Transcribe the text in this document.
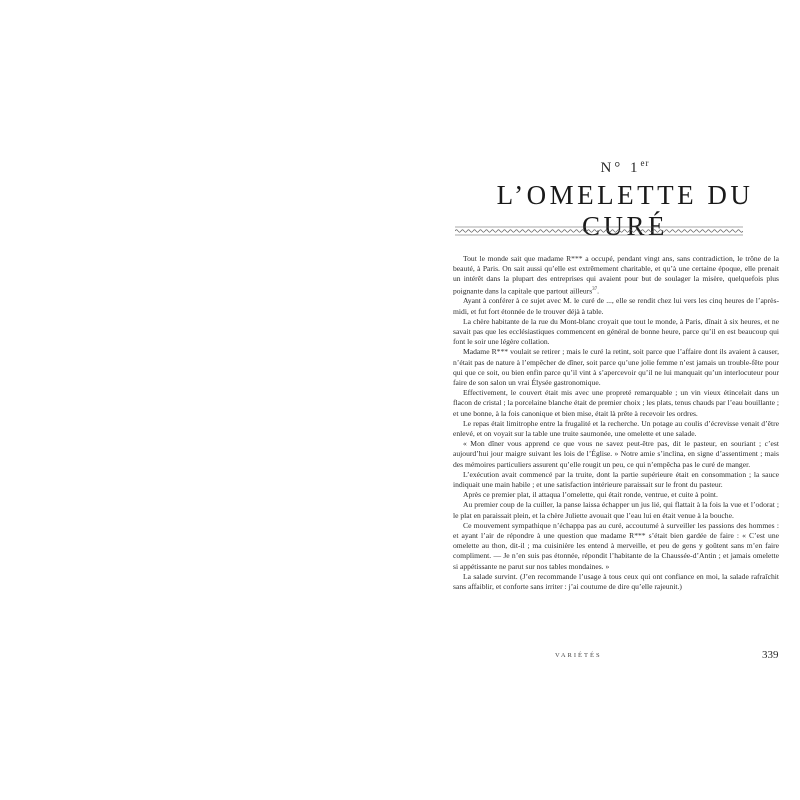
N° 1er
L’OMELETTE DU CURÉ

Tout le monde sait que madame R*** a occupé, pendant vingt ans, sans contradiction, le trône de la beauté, à Paris. On sait aussi qu’elle est extrêmement charitable, et qu’à une certaine époque, elle prenait un intérêt dans la plupart des entreprises qui avaient pour but de soulager la misère, quelquefois plus poignante dans la capitale que partout ailleurs$^{37}$.

Ayant à conférer à ce sujet avec M. le curé de ..., elle se rendit chez lui vers les cinq heures de l’après-midi, et fut fort étonnée de le trouver déjà à table.

La chère habitante de la rue du Mont-blanc croyait que tout le monde, à Paris, dînait à six heures, et ne savait pas que les ecclésiastiques commencent en général de bonne heure, parce qu’il en est beaucoup qui font le soir une légère collation.

Madame R*** voulait se retirer ; mais le curé la retint, soit parce que l’affaire dont ils avaient à causer, n’était pas de nature à l’empêcher de dîner, soit parce qu’une jolie femme n’est jamais un trouble-fête pour qui que ce soit, ou bien enfin parce qu’il vint à s’apercevoir qu’il ne lui manquait qu’un interlocuteur pour faire de son salon un vrai Élysée gastronomique.

Effectivement, le couvert était mis avec une propreté remarquable ; un vin vieux étincelait dans un flacon de cristal ; la porcelaine blanche était de premier choix ; les plats, tenus chauds par l’eau bouillante ; et une bonne, à la fois canonique et bien mise, était là prête à recevoir les ordres.

Le repas était limitrophe entre la frugalité et la recherche. Un potage au coulis d’écrevisse venait d’être enlevé, et on voyait sur la table une truite saumonée, une omelette et une salade.

« Mon dîner vous apprend ce que vous ne savez peut-être pas, dit le pasteur, en souriant ; c’est aujourd’hui jour maigre suivant les lois de l’Église. » Notre amie s’inclina, en signe d’assentiment ; mais des mémoires particuliers assurent qu’elle rougit un peu, ce qui n’empêcha pas le curé de manger.

L’exécution avait commencé par la truite, dont la partie supérieure était en consommation ; la sauce indiquait une main habile ; et une satisfaction intérieure paraissait sur le front du pasteur.

Après ce premier plat, il attaqua l’omelette, qui était ronde, ventrue, et cuite à point.

Au premier coup de la cuiller, la panse laissa échapper un jus lié, qui flattait à la fois la vue et l’odorat ; le plat en paraissait plein, et la chère Juliette avouait que l’eau lui en était venue à la bouche.

Ce mouvement sympathique n’échappa pas au curé, accoutumé à surveiller les passions des hommes : et ayant l’air de répondre à une question que madame R*** s’était bien gardée de faire : « C’est une omelette au thon, dit-il ; ma cuisinière les entend à merveille, et peu de gens y goûtent sans m’en faire compliment. — Je n’en suis pas étonnée, répondit l’habitante de la Chaussée-d’Antin ; et jamais omelette si appétissante ne parut sur nos tables mondaines. »

La salade survint. (J’en recommande l’usage à tous ceux qui ont confiance en moi, la salade rafraîchit sans affaiblir, et conforte sans irriter : j’ai coutume de dire qu’elle rajeunit.)

VARIÉTÉS	339
